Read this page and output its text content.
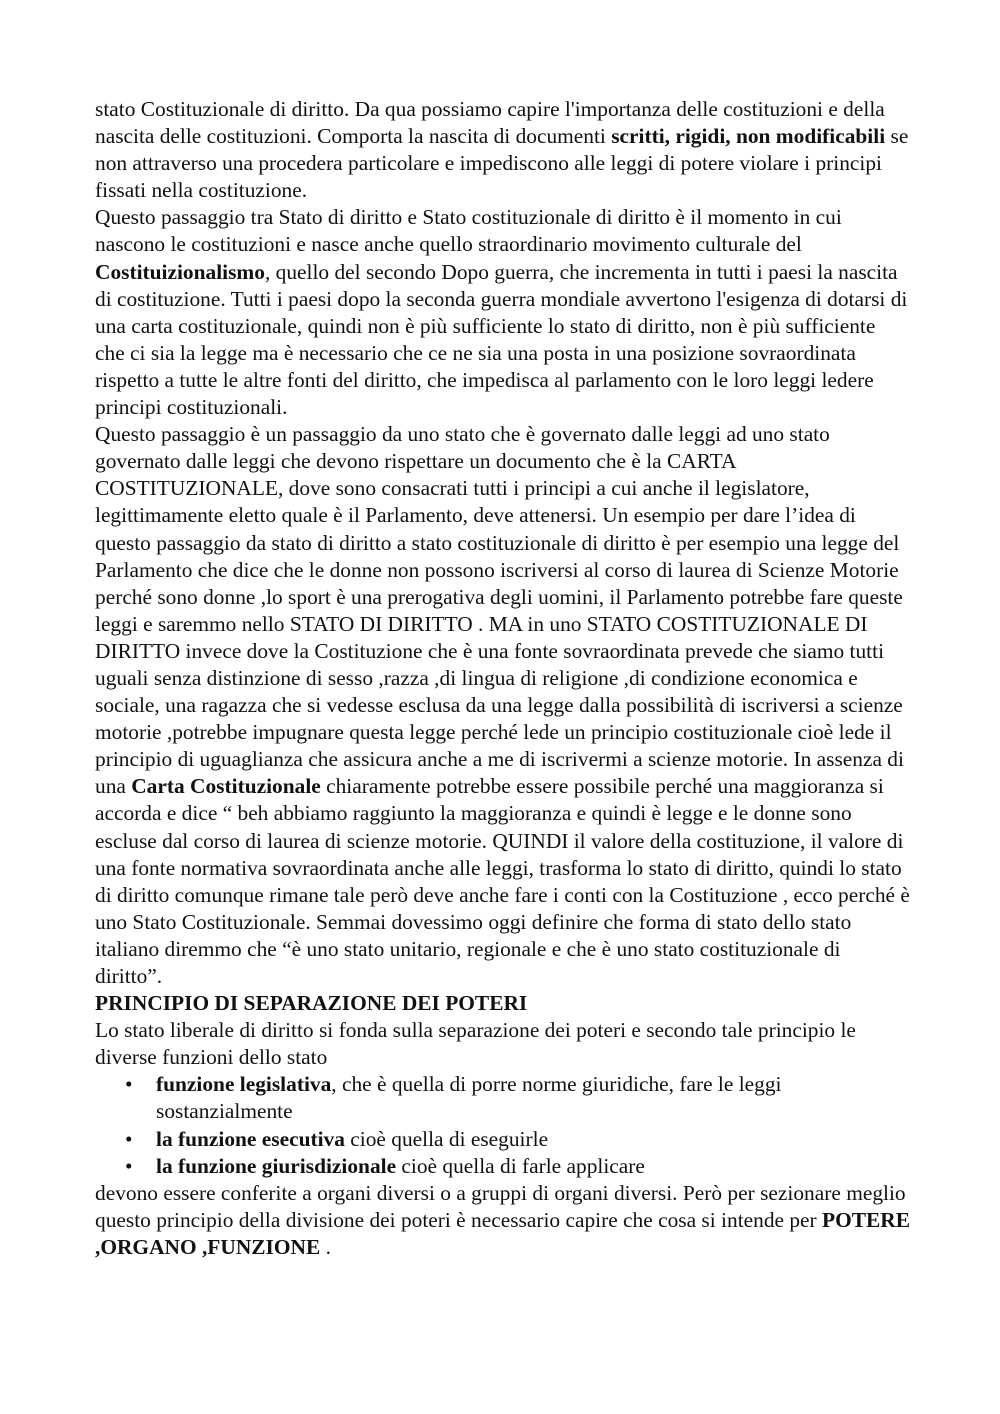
stato Costituzionale di diritto. Da qua possiamo capire l'importanza delle costituzioni e della nascita delle costituzioni. Comporta la nascita di documenti scritti, rigidi, non modificabili se non attraverso una procedera particolare e impediscono alle leggi di potere violare i principi fissati nella costituzione.

Questo passaggio tra Stato di diritto e Stato costituzionale di diritto è il momento in cui nascono le costituzioni e nasce anche quello straordinario movimento culturale del Costituizionalismo, quello del secondo Dopo guerra, che incrementa in tutti i paesi la nascita di costituzione. Tutti i paesi dopo la seconda guerra mondiale avvertono l'esigenza di dotarsi di una carta costituzionale, quindi non è più sufficiente lo stato di diritto, non è più sufficiente che ci sia la legge ma è necessario che ce ne sia una posta in una posizione sovraordinata rispetto a tutte le altre fonti del diritto, che impedisca al parlamento con le loro leggi ledere principi costituzionali.

Questo passaggio è un passaggio da uno stato che è governato dalle leggi ad uno stato governato dalle leggi che devono rispettare un documento che è la CARTA COSTITUZIONALE, dove sono consacrati tutti i principi a cui anche il legislatore, legittimamente eletto quale è il Parlamento, deve attenersi. Un esempio per dare l’idea di questo passaggio da stato di diritto a stato costituzionale di diritto è per esempio una legge del Parlamento che dice che le donne non possono iscriversi al corso di laurea di Scienze Motorie perché sono donne ,lo sport è una prerogativa degli uomini, il Parlamento potrebbe fare queste leggi e saremmo nello STATO DI DIRITTO . MA in uno STATO COSTITUZIONALE DI DIRITTO invece dove la Costituzione che è una fonte sovraordinata prevede che siamo tutti uguali senza distinzione di sesso ,razza ,di lingua di religione ,di condizione economica e sociale, una ragazza che si vedesse esclusa da una legge dalla possibilità di iscriversi a scienze motorie ,potrebbe impugnare questa legge perché lede un principio costituzionale cioè lede il principio di uguaglianza che assicura anche a me di iscrivermi a scienze motorie. In assenza di una Carta Costituzionale chiaramente potrebbe essere possibile perché una maggioranza si accorda e dice “ beh abbiamo raggiunto la maggioranza e quindi è legge e le donne sono escluse dal corso di laurea di scienze motorie. QUINDI il valore della costituzione, il valore di una fonte normativa sovraordinata anche alle leggi, trasforma lo stato di diritto, quindi lo stato di diritto comunque rimane tale però deve anche fare i conti con la Costituzione , ecco perché è uno Stato Costituzionale. Semmai dovessimo oggi definire che forma di stato dello stato italiano diremmo che “è uno stato unitario, regionale e che è uno stato costituzionale di diritto”.

PRINCIPIO DI SEPARAZIONE DEI POTERI

Lo stato liberale di diritto si fonda sulla separazione dei poteri e secondo tale principio le diverse funzioni dello stato

• funzione legislativa, che è quella di porre norme giuridiche, fare le leggi sostanzialmente
• la funzione esecutiva cioè quella di eseguirle
• la funzione giurisdizionale cioè quella di farle applicare

devono essere conferite a organi diversi o a gruppi di organi diversi. Però per sezionare meglio questo principio della divisione dei poteri è necessario capire che cosa si intende per POTERE ,ORGANO ,FUNZIONE .
